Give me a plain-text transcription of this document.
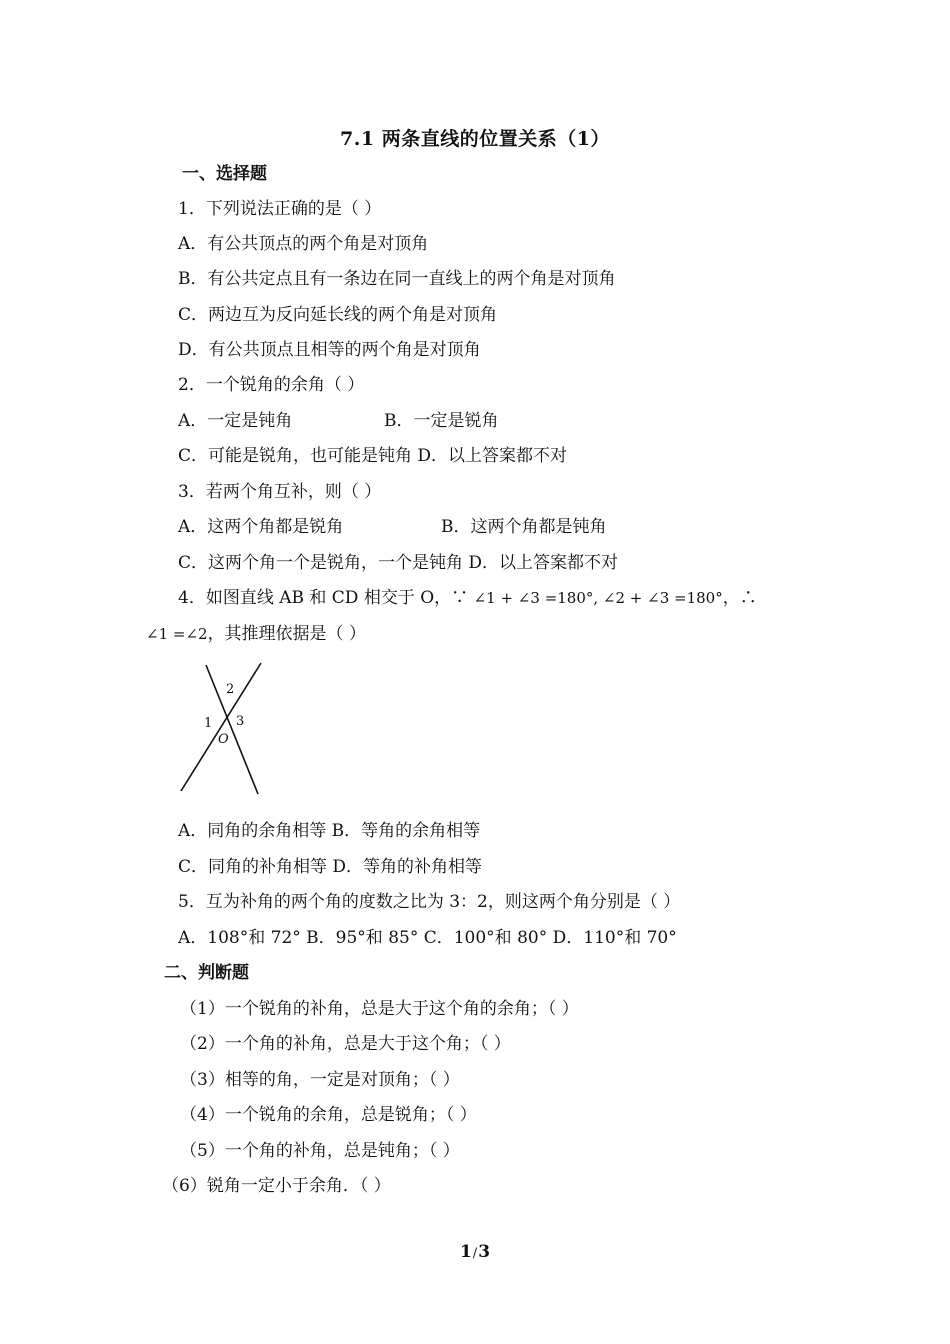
7.1 两条直线的位置关系（1）
一、选择题
1．下列说法正确的是（ ）
A．有公共顶点的两个角是对顶角
B．有公共定点且有一条边在同一直线上的两个角是对顶角
C．两边互为反向延长线的两个角是对顶角
D．有公共顶点且相等的两个角是对顶角
2．一个锐角的余角（ ）
A．一定是钝角	B．一定是锐角
C．可能是锐角，也可能是钝角 D．以上答案都不对
3．若两个角互补，则（ ）
A．这两个角都是锐角	B．这两个角都是钝角
C．这两个角一个是锐角，一个是钝角 D．以上答案都不对
4．如图直线 AB 和 CD 相交于 O，∵ ∠1 + ∠3 =180°, ∠2 + ∠3 =180°，∴
∠1 =∠2，其推理依据是（ ）
2
1 3
O
A．同角的余角相等 B．等角的余角相等
C．同角的补角相等 D．等角的补角相等
5．互为补角的两个角的度数之比为 3：2，则这两个角分别是（ ）
A．108°和 72° B．95°和 85° C．100°和 80° D．110°和 70°
二、判断题
（1）一个锐角的补角，总是大于这个角的余角；（ ）
（2）一个角的补角，总是大于这个角；（ ）
（3）相等的角，一定是对顶角；（ ）
（4）一个锐角的余角，总是锐角；（ ）
（5）一个角的补角，总是钝角；（ ）
（6）锐角一定小于余角．（ ）
1/3
